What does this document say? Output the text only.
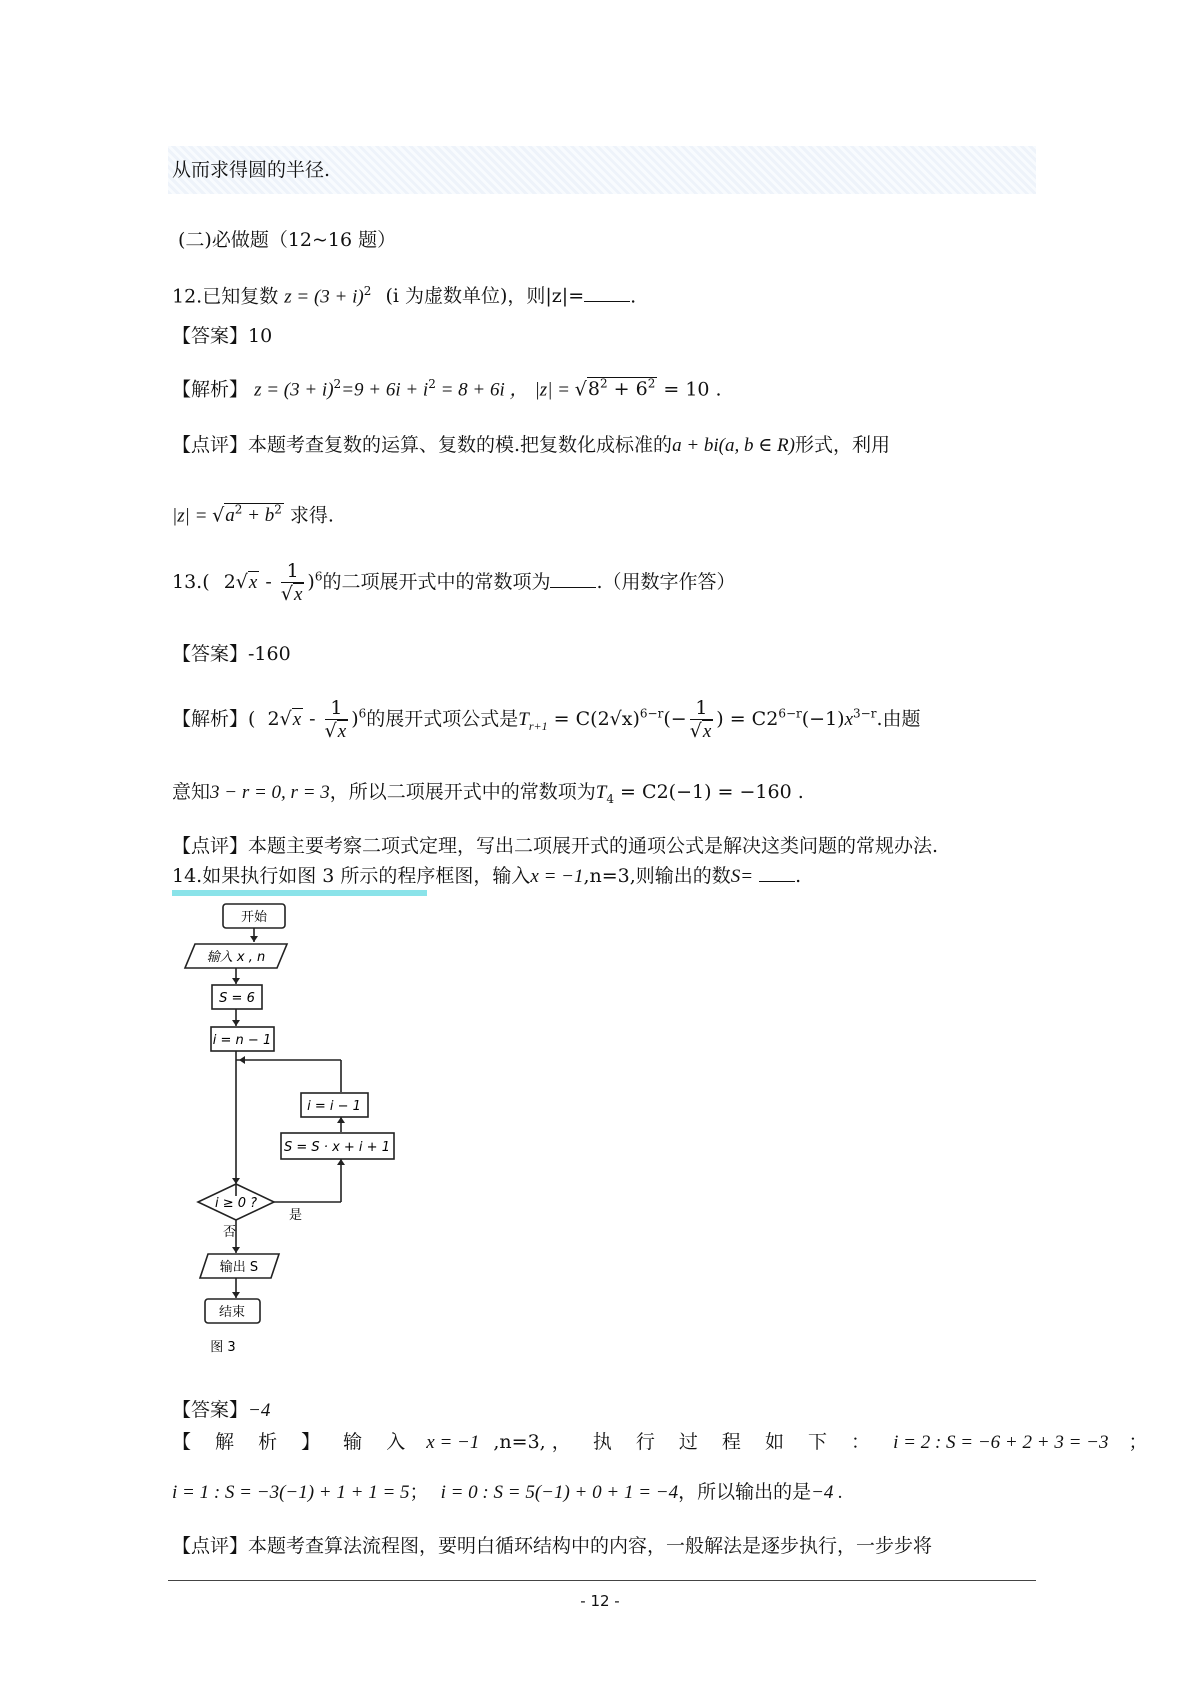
从而求得圆的半径.
(二)必做题（12~16 题）
12.已知复数 $z = (3 + i)^2$ (i 为虚数单位)，则|z|= .
【答案】10
【解析】 $z = (3 + i)^2=9 + 6i + i^2 = 8 + 6i$ ， $|z| = √8^2 + 6^2 = 10$ .
【点评】本题考查复数的运算、复数的模.把复数化成标准的a + bi(a, b ∈ R)形式，利用
$|z| = √a^2 + b^2$ 求得.
13.( $2√x - \frac{1}{√x} )^6$的二项展开式中的常数项为 .（用数字作答）
【答案】-160
【解析】( $2√x - \frac{1}{√x} )^6$的展开式项公式是$T_{r+1} = C(2√x)^{6-r}(- \frac{1}{√x}$ ) = $C2^{6-r}(-1)x^{3-r}$.由题
意知3 − r = 0, r = 3，所以二项展开式中的常数项为$T_4 = C2(-1) = -160$ .
【点评】本题主要考察二项式定理，写出二项展开式的通项公式是解决这类问题的常规办法.
14.如果执行如图 3 所示的程序框图，输入x = −1,n=3,则输出的数S= .
开始
输入 x , n
S = 6
i = n − 1
i = i − 1
S = S · x + i + 1
i ≥ 0 ?
是
否
输出 S
结束
图 3
【答案】−4
【 解 析 】 输 入 x = −1 ,n=3, ， 执 行 过 程 如 下 ： i = 2 : S = −6 + 2 + 3 = −3 ；
i = 1 : S = −3(−1) + 1 + 1 = 5； i = 0 : S = 5(−1) + 0 + 1 = −4，所以输出的是−4 .
【点评】本题考查算法流程图，要明白循环结构中的内容，一般解法是逐步执行，一步步将
- 12 -
